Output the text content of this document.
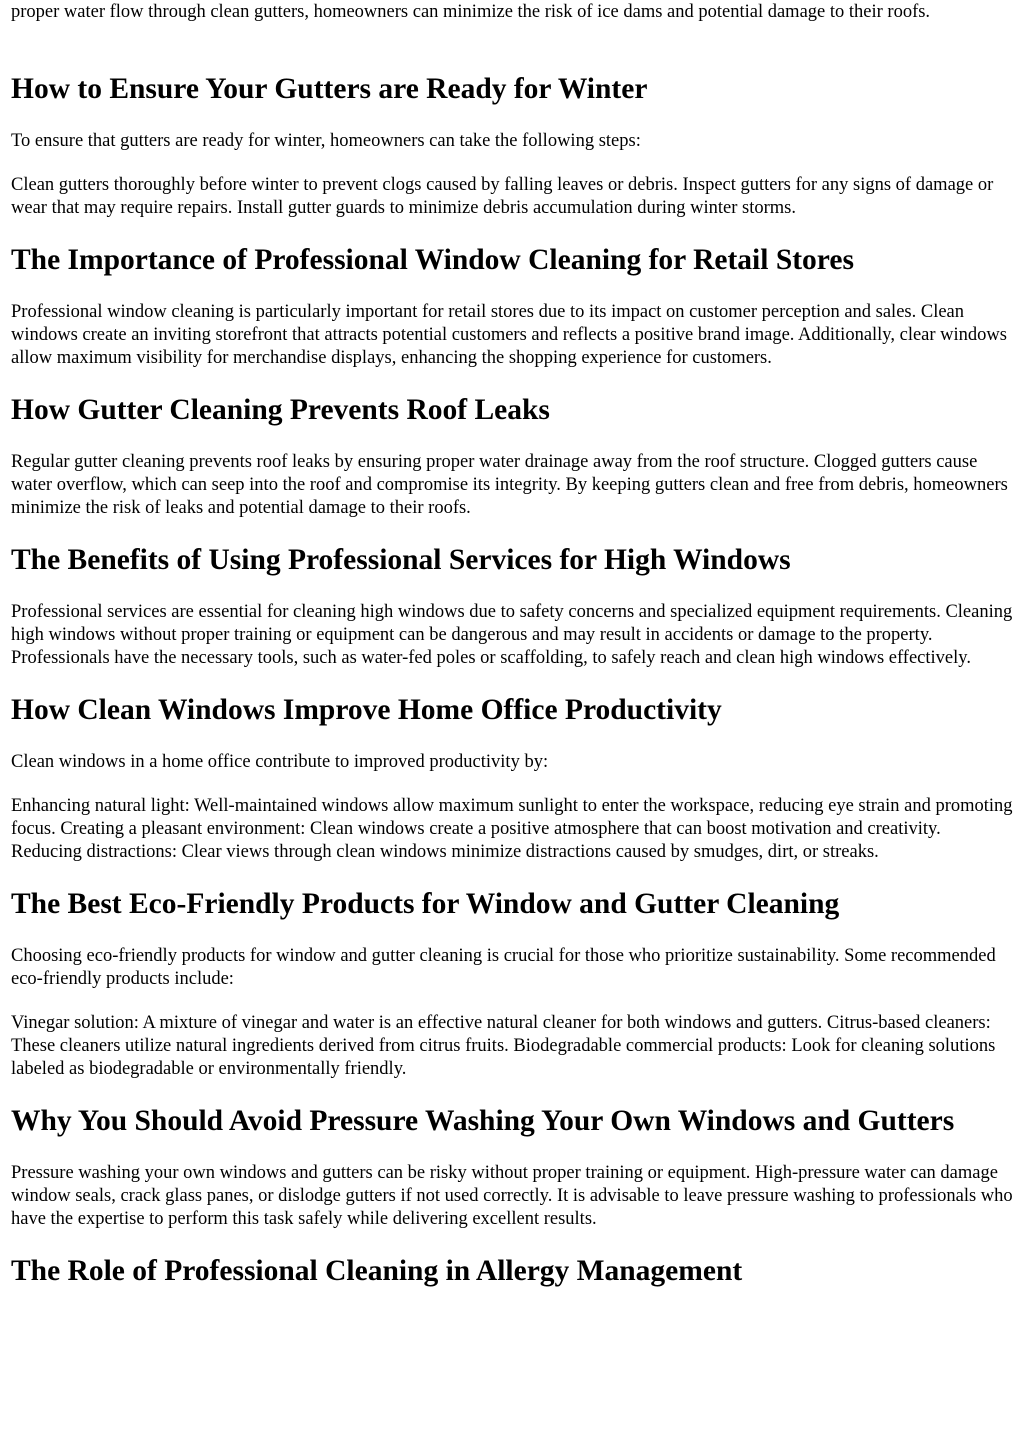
proper water flow through clean gutters, homeowners can minimize the risk of ice dams and potential damage to their roofs.

How to Ensure Your Gutters are Ready for Winter

To ensure that gutters are ready for winter, homeowners can take the following steps:

Clean gutters thoroughly before winter to prevent clogs caused by falling leaves or debris. Inspect gutters for any signs of damage or wear that may require repairs. Install gutter guards to minimize debris accumulation during winter storms.

The Importance of Professional Window Cleaning for Retail Stores

Professional window cleaning is particularly important for retail stores due to its impact on customer perception and sales. Clean windows create an inviting storefront that attracts potential customers and reflects a positive brand image. Additionally, clear windows allow maximum visibility for merchandise displays, enhancing the shopping experience for customers.

How Gutter Cleaning Prevents Roof Leaks

Regular gutter cleaning prevents roof leaks by ensuring proper water drainage away from the roof structure. Clogged gutters cause water overflow, which can seep into the roof and compromise its integrity. By keeping gutters clean and free from debris, homeowners minimize the risk of leaks and potential damage to their roofs.

The Benefits of Using Professional Services for High Windows

Professional services are essential for cleaning high windows due to safety concerns and specialized equipment requirements. Cleaning high windows without proper training or equipment can be dangerous and may result in accidents or damage to the property. Professionals have the necessary tools, such as water-fed poles or scaffolding, to safely reach and clean high windows effectively.

How Clean Windows Improve Home Office Productivity

Clean windows in a home office contribute to improved productivity by:

Enhancing natural light: Well-maintained windows allow maximum sunlight to enter the workspace, reducing eye strain and promoting focus. Creating a pleasant environment: Clean windows create a positive atmosphere that can boost motivation and creativity. Reducing distractions: Clear views through clean windows minimize distractions caused by smudges, dirt, or streaks.

The Best Eco-Friendly Products for Window and Gutter Cleaning

Choosing eco-friendly products for window and gutter cleaning is crucial for those who prioritize sustainability. Some recommended eco-friendly products include:

Vinegar solution: A mixture of vinegar and water is an effective natural cleaner for both windows and gutters. Citrus-based cleaners: These cleaners utilize natural ingredients derived from citrus fruits. Biodegradable commercial products: Look for cleaning solutions labeled as biodegradable or environmentally friendly.

Why You Should Avoid Pressure Washing Your Own Windows and Gutters

Pressure washing your own windows and gutters can be risky without proper training or equipment. High-pressure water can damage window seals, crack glass panes, or dislodge gutters if not used correctly. It is advisable to leave pressure washing to professionals who have the expertise to perform this task safely while delivering excellent results.

The Role of Professional Cleaning in Allergy Management
